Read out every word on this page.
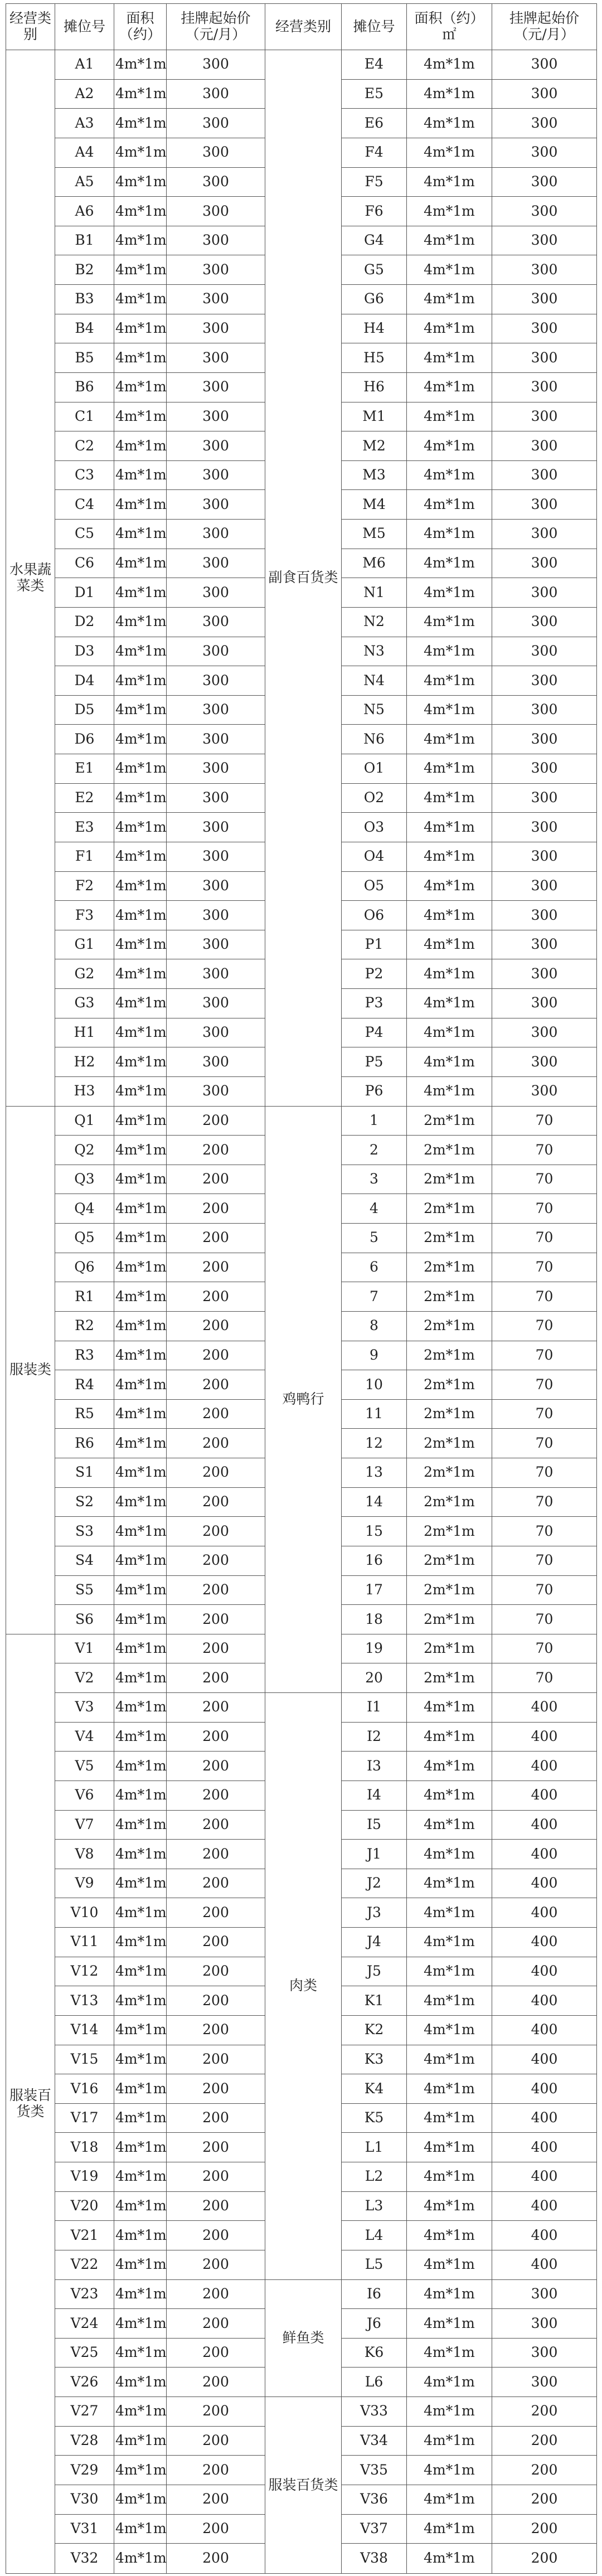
经营类别	摊位号	面积（约）	挂牌起始价（元/月）	经营类别	摊位号	面积（约）㎡	挂牌起始价（元/月）
水果蔬菜类	A1	4m*1m	300	副食百货类	E4	4m*1m	300
	A2	4m*1m	300		E5	4m*1m	300
	A3	4m*1m	300		E6	4m*1m	300
	A4	4m*1m	300		F4	4m*1m	300
	A5	4m*1m	300		F5	4m*1m	300
	A6	4m*1m	300		F6	4m*1m	300
	B1	4m*1m	300		G4	4m*1m	300
	B2	4m*1m	300		G5	4m*1m	300
	B3	4m*1m	300		G6	4m*1m	300
	B4	4m*1m	300		H4	4m*1m	300
	B5	4m*1m	300		H5	4m*1m	300
	B6	4m*1m	300		H6	4m*1m	300
	C1	4m*1m	300		M1	4m*1m	300
	C2	4m*1m	300		M2	4m*1m	300
	C3	4m*1m	300		M3	4m*1m	300
	C4	4m*1m	300		M4	4m*1m	300
	C5	4m*1m	300		M5	4m*1m	300
	C6	4m*1m	300		M6	4m*1m	300
	D1	4m*1m	300		N1	4m*1m	300
	D2	4m*1m	300		N2	4m*1m	300
	D3	4m*1m	300		N3	4m*1m	300
	D4	4m*1m	300		N4	4m*1m	300
	D5	4m*1m	300		N5	4m*1m	300
	D6	4m*1m	300		N6	4m*1m	300
	E1	4m*1m	300		O1	4m*1m	300
	E2	4m*1m	300		O2	4m*1m	300
	E3	4m*1m	300		O3	4m*1m	300
	F1	4m*1m	300		O4	4m*1m	300
	F2	4m*1m	300		O5	4m*1m	300
	F3	4m*1m	300		O6	4m*1m	300
	G1	4m*1m	300		P1	4m*1m	300
	G2	4m*1m	300		P2	4m*1m	300
	G3	4m*1m	300		P3	4m*1m	300
	H1	4m*1m	300		P4	4m*1m	300
	H2	4m*1m	300		P5	4m*1m	300
	H3	4m*1m	300		P6	4m*1m	300
服装类	Q1	4m*1m	200	鸡鸭行	1	2m*1m	70
	Q2	4m*1m	200		2	2m*1m	70
	Q3	4m*1m	200		3	2m*1m	70
	Q4	4m*1m	200		4	2m*1m	70
	Q5	4m*1m	200		5	2m*1m	70
	Q6	4m*1m	200		6	2m*1m	70
	R1	4m*1m	200		7	2m*1m	70
	R2	4m*1m	200		8	2m*1m	70
	R3	4m*1m	200		9	2m*1m	70
	R4	4m*1m	200		10	2m*1m	70
	R5	4m*1m	200		11	2m*1m	70
	R6	4m*1m	200		12	2m*1m	70
	S1	4m*1m	200		13	2m*1m	70
	S2	4m*1m	200		14	2m*1m	70
	S3	4m*1m	200		15	2m*1m	70
	S4	4m*1m	200		16	2m*1m	70
	S5	4m*1m	200		17	2m*1m	70
	S6	4m*1m	200		18	2m*1m	70
服装百货类	V1	4m*1m	200		19	2m*1m	70
	V2	4m*1m	200		20	2m*1m	70
	V3	4m*1m	200	肉类	I1	4m*1m	400
	V4	4m*1m	200		I2	4m*1m	400
	V5	4m*1m	200		I3	4m*1m	400
	V6	4m*1m	200		I4	4m*1m	400
	V7	4m*1m	200		I5	4m*1m	400
	V8	4m*1m	200		J1	4m*1m	400
	V9	4m*1m	200		J2	4m*1m	400
	V10	4m*1m	200		J3	4m*1m	400
	V11	4m*1m	200		J4	4m*1m	400
	V12	4m*1m	200		J5	4m*1m	400
	V13	4m*1m	200		K1	4m*1m	400
	V14	4m*1m	200		K2	4m*1m	400
	V15	4m*1m	200		K3	4m*1m	400
	V16	4m*1m	200		K4	4m*1m	400
	V17	4m*1m	200		K5	4m*1m	400
	V18	4m*1m	200		L1	4m*1m	400
	V19	4m*1m	200		L2	4m*1m	400
	V20	4m*1m	200		L3	4m*1m	400
	V21	4m*1m	200		L4	4m*1m	400
	V22	4m*1m	200		L5	4m*1m	400
	V23	4m*1m	200	鲜鱼类	I6	4m*1m	300
	V24	4m*1m	200		J6	4m*1m	300
	V25	4m*1m	200		K6	4m*1m	300
	V26	4m*1m	200		L6	4m*1m	300
	V27	4m*1m	200	服装百货类	V33	4m*1m	200
	V28	4m*1m	200		V34	4m*1m	200
	V29	4m*1m	200		V35	4m*1m	200
	V30	4m*1m	200		V36	4m*1m	200
	V31	4m*1m	200		V37	4m*1m	200
	V32	4m*1m	200		V38	4m*1m	200
